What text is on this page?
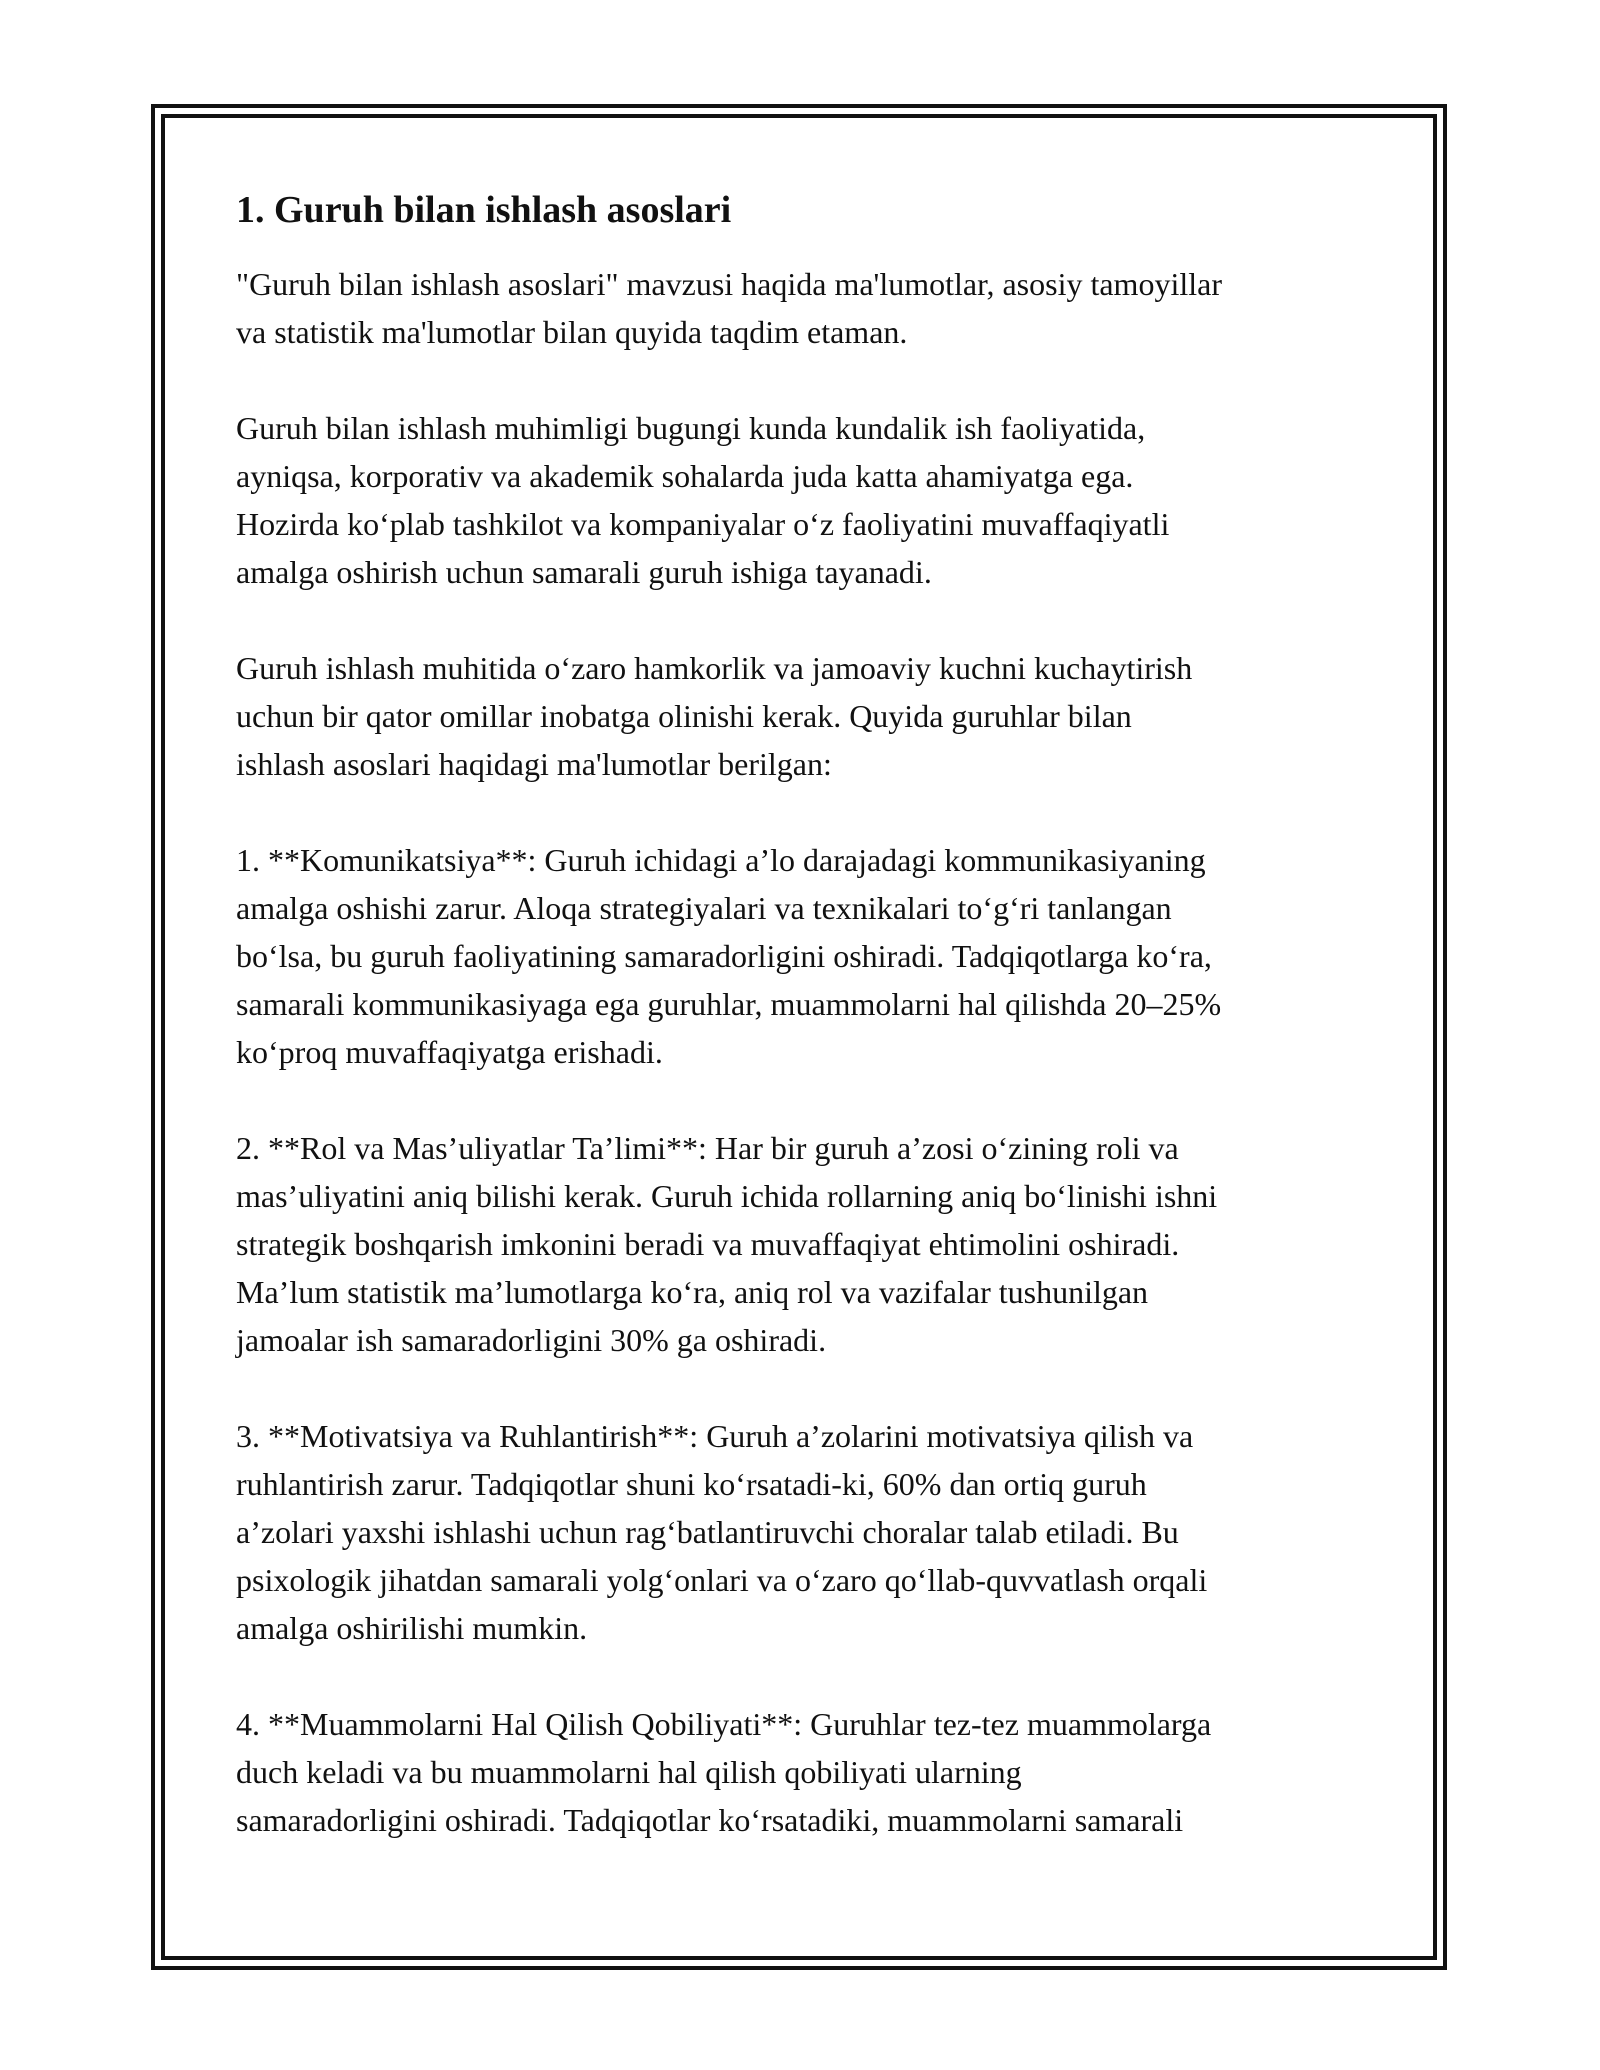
1. Guruh bilan ishlash asoslari

"Guruh bilan ishlash asoslari" mavzusi haqida ma'lumotlar, asosiy tamoyillar
va statistik ma'lumotlar bilan quyida taqdim etaman.

Guruh bilan ishlash muhimligi bugungi kunda kundalik ish faoliyatida,
ayniqsa, korporativ va akademik sohalarda juda katta ahamiyatga ega.
Hozirda ko‘plab tashkilot va kompaniyalar o‘z faoliyatini muvaffaqiyatli
amalga oshirish uchun samarali guruh ishiga tayanadi.

Guruh ishlash muhitida o‘zaro hamkorlik va jamoaviy kuchni kuchaytirish
uchun bir qator omillar inobatga olinishi kerak. Quyida guruhlar bilan
ishlash asoslari haqidagi ma'lumotlar berilgan:

1. **Komunikatsiya**: Guruh ichidagi a’lo darajadagi kommunikasiyaning
amalga oshishi zarur. Aloqa strategiyalari va texnikalari to‘g‘ri tanlangan
bo‘lsa, bu guruh faoliyatining samaradorligini oshiradi. Tadqiqotlarga ko‘ra,
samarali kommunikasiyaga ega guruhlar, muammolarni hal qilishda 20–25%
ko‘proq muvaffaqiyatga erishadi.

2. **Rol va Mas’uliyatlar Ta’limi**: Har bir guruh a’zosi o‘zining roli va
mas’uliyatini aniq bilishi kerak. Guruh ichida rollarning aniq bo‘linishi ishni
strategik boshqarish imkonini beradi va muvaffaqiyat ehtimolini oshiradi.
Ma’lum statistik ma’lumotlarga ko‘ra, aniq rol va vazifalar tushunilgan
jamoalar ish samaradorligini 30% ga oshiradi.

3. **Motivatsiya va Ruhlantirish**: Guruh a’zolarini motivatsiya qilish va
ruhlantirish zarur. Tadqiqotlar shuni ko‘rsatadi-ki, 60% dan ortiq guruh
a’zolari yaxshi ishlashi uchun rag‘batlantiruvchi choralar talab etiladi. Bu
psixologik jihatdan samarali yolg‘onlari va o‘zaro qo‘llab-quvvatlash orqali
amalga oshirilishi mumkin.

4. **Muammolarni Hal Qilish Qobiliyati**: Guruhlar tez-tez muammolarga
duch keladi va bu muammolarni hal qilish qobiliyati ularning
samaradorligini oshiradi. Tadqiqotlar ko‘rsatadiki, muammolarni samarali
